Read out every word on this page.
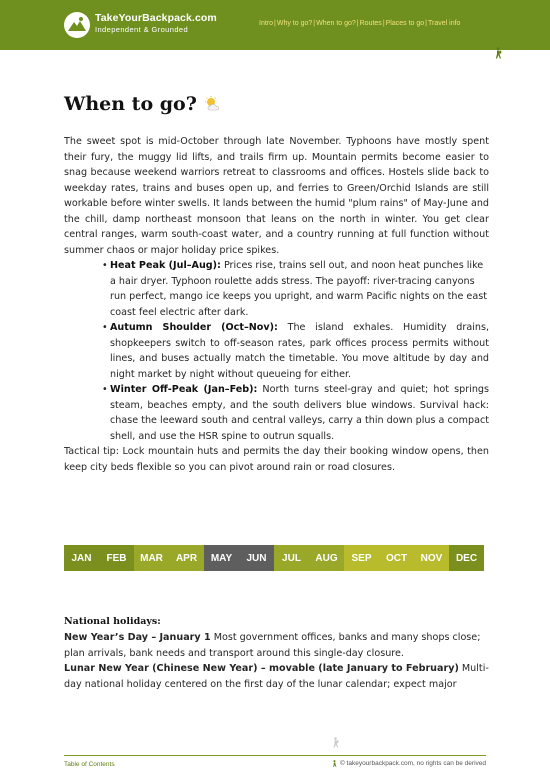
TakeYourBackpack.com
Independent & Grounded
Intro | Why to go? | When to go? | Routes | Places to go | Travel info
When to go?

The sweet spot is mid-October through late November. Typhoons have mostly spent their fury, the muggy lid lifts, and trails firm up. Mountain permits become easier to snag because weekend warriors retreat to classrooms and offices. Hostels slide back to weekday rates, trains and buses open up, and ferries to Green/Orchid Islands are still workable before winter swells. It lands between the humid "plum rains" of May-June and the chill, damp northeast monsoon that leans on the north in winter. You get clear central ranges, warm south-coast water, and a country running at full function without summer chaos or major holiday price spikes.

• Heat Peak (Jul–Aug): Prices rise, trains sell out, and noon heat punches like a hair dryer. Typhoon roulette adds stress. The payoff: river-tracing canyons run perfect, mango ice keeps you upright, and warm Pacific nights on the east coast feel electric after dark.
• Autumn Shoulder (Oct–Nov): The island exhales. Humidity drains, shopkeepers switch to off-season rates, park offices process permits without lines, and buses actually match the timetable. You move altitude by day and night market by night without queueing for either.
• Winter Off-Peak (Jan–Feb): North turns steel-gray and quiet; hot springs steam, beaches empty, and the south delivers blue windows. Survival hack: chase the leeward south and central valleys, carry a thin down plus a compact shell, and use the HSR spine to outrun squalls.

Tactical tip: Lock mountain huts and permits the day their booking window opens, then keep city beds flexible so you can pivot around rain or road closures.

JAN	FEB	MAR	APR	MAY	JUN	JUL	AUG	SEP	OCT	NOV	DEC
National holidays:

New Year’s Day – January 1 Most government offices, banks and many shops close; plan arrivals, bank needs and transport around this single-day closure.

Lunar New Year (Chinese New Year) – movable (late January to February) Multi-day national holiday centered on the first day of the lunar calendar; expect major

Table of Contents	© takeyourbackpack.com, no rights can be derived
